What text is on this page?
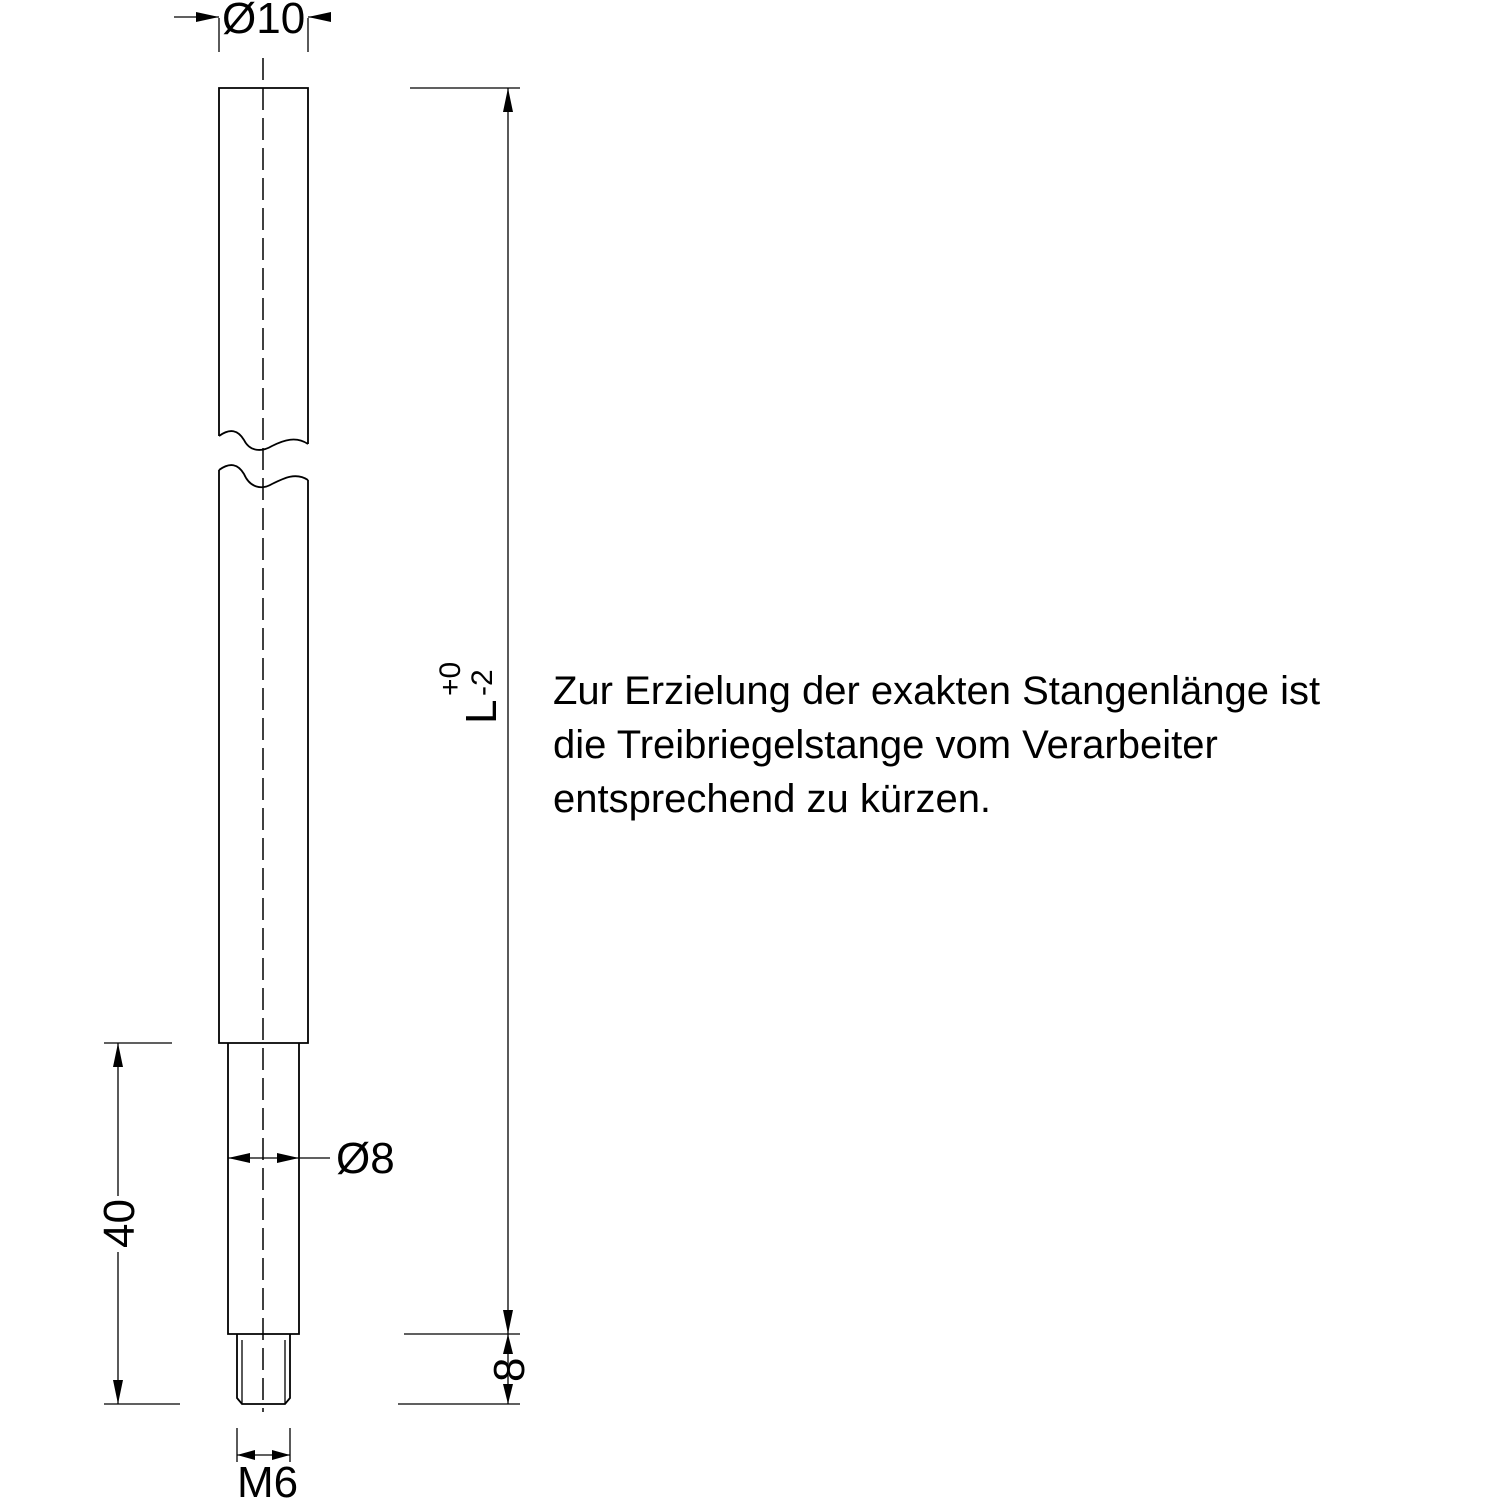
Ø10
L
+0 -2
8
40
Ø8
M6
Zur Erzielung der exakten Stangenlänge ist
die Treibriegelstange vom Verarbeiter
entsprechend zu kürzen.
